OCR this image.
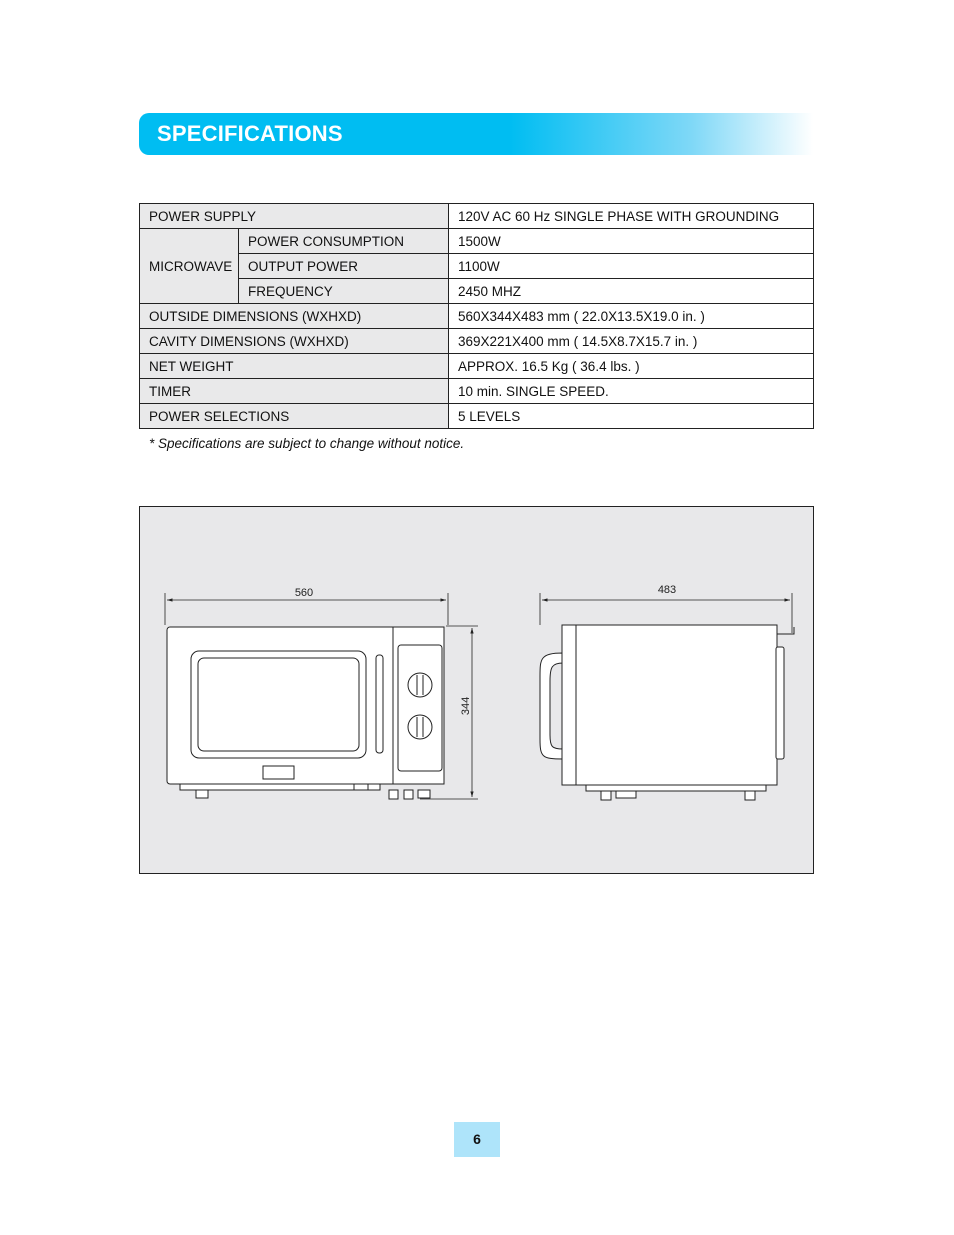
SPECIFICATIONS
POWER SUPPLY		120V AC 60 Hz SINGLE PHASE WITH GROUNDING
MICROWAVE	POWER CONSUMPTION	1500W
	OUTPUT POWER	1100W
	FREQUENCY	2450 MHZ
OUTSIDE DIMENSIONS (WXHXD)		560X344X483 mm ( 22.0X13.5X19.0 in. )
CAVITY DIMENSIONS (WXHXD)		369X221X400 mm ( 14.5X8.7X15.7 in. )
NET WEIGHT		APPROX. 16.5 Kg ( 36.4 lbs. )
TIMER		10 min. SINGLE SPEED.
POWER SELECTIONS		5 LEVELS
* Specifications are subject to change without notice.
560	483
344
6
